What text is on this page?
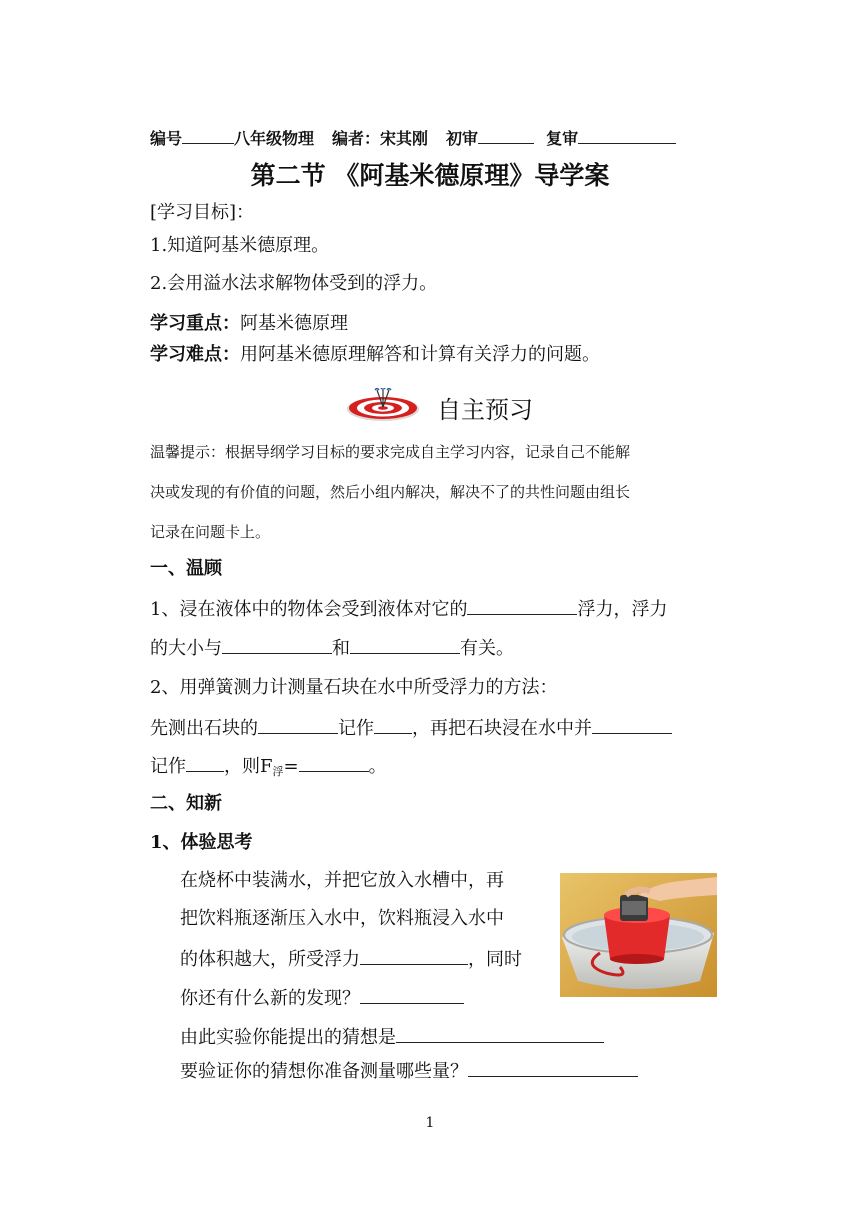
编号	八年级物理 编者：宋其刚 初审	复审
第二节 《阿基米德原理》导学案
[学习目标]：
1.知道阿基米德原理。
2.会用溢水法求解物体受到的浮力。
学习重点：阿基米德原理
学习难点：用阿基米德原理解答和计算有关浮力的问题。
自主预习
温馨提示：根据导纲学习目标的要求完成自主学习内容，记录自己不能解
决或发现的有价值的问题，然后小组内解决，解决不了的共性问题由组长
记录在问题卡上。
一、温顾
1、浸在液体中的物体会受到液体对它的	浮力，浮力
的大小与	和	有关。
2、用弹簧测力计测量石块在水中所受浮力的方法：
先测出石块的	记作 ，再把石块浸在水中并
记作 ，则$F_浮=$	。
二、知新
1、体验思考
在烧杯中装满水，并把它放入水槽中，再
把饮料瓶逐渐压入水中，饮料瓶浸入水中
的体积越大，所受浮力	，同时
你还有什么新的发现？
由此实验你能提出的猜想是
要验证你的猜想你准备测量哪些量？
1
